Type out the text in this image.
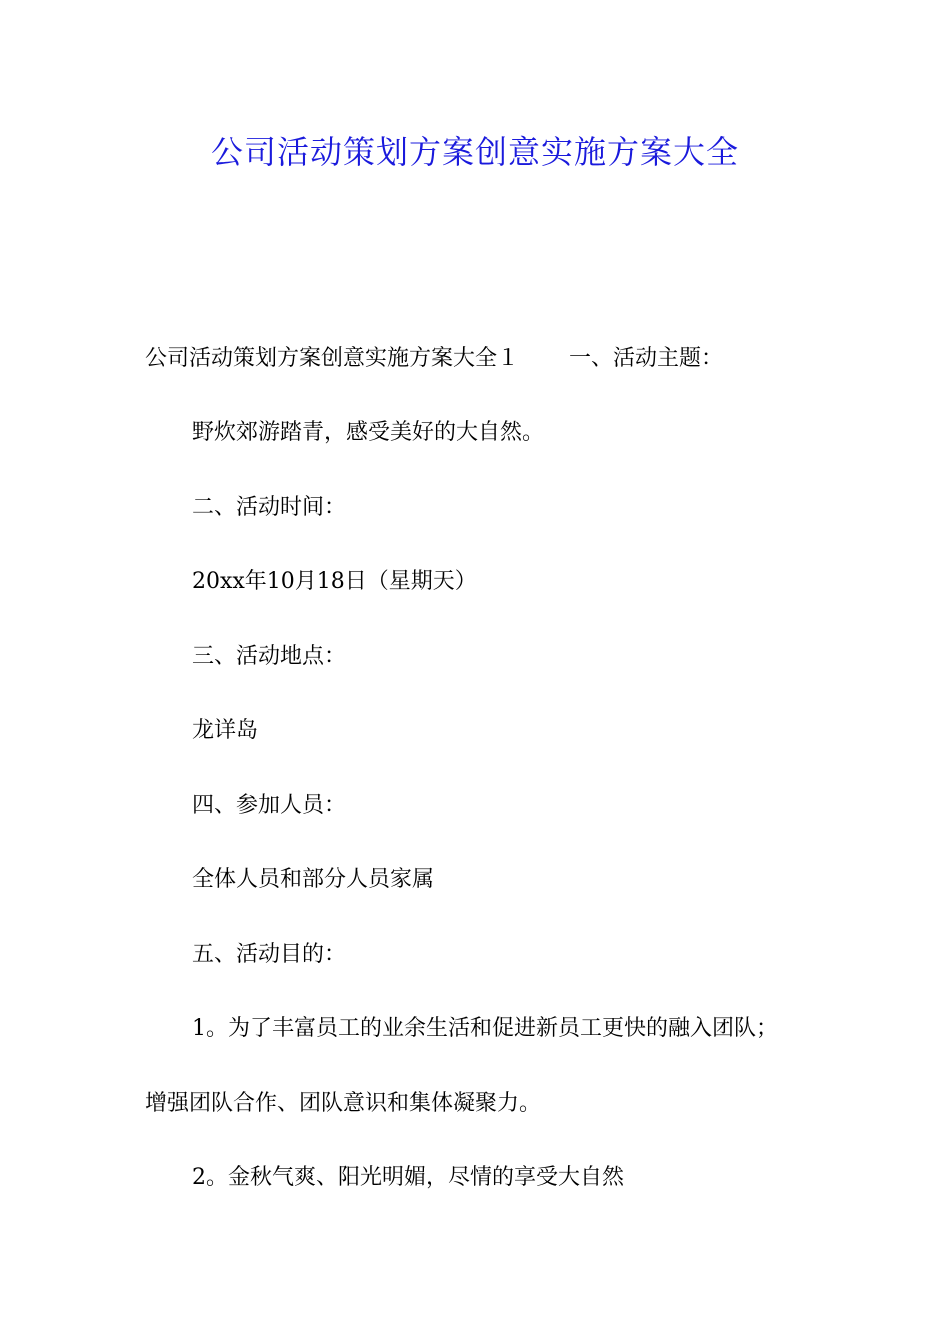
公司活动策划方案创意实施方案大全
公司活动策划方案创意实施方案大全１ 一、活动主题：
野炊郊游踏青，感受美好的大自然。
二、活动时间：
20xx年10月18日（星期天）
三、活动地点：
龙详岛
四、参加人员：
全体人员和部分人员家属
五、活动目的：
1。为了丰富员工的业余生活和促进新员工更快的融入团队；
增强团队合作、团队意识和集体凝聚力。
2。金秋气爽、阳光明媚，尽情的享受大自然
